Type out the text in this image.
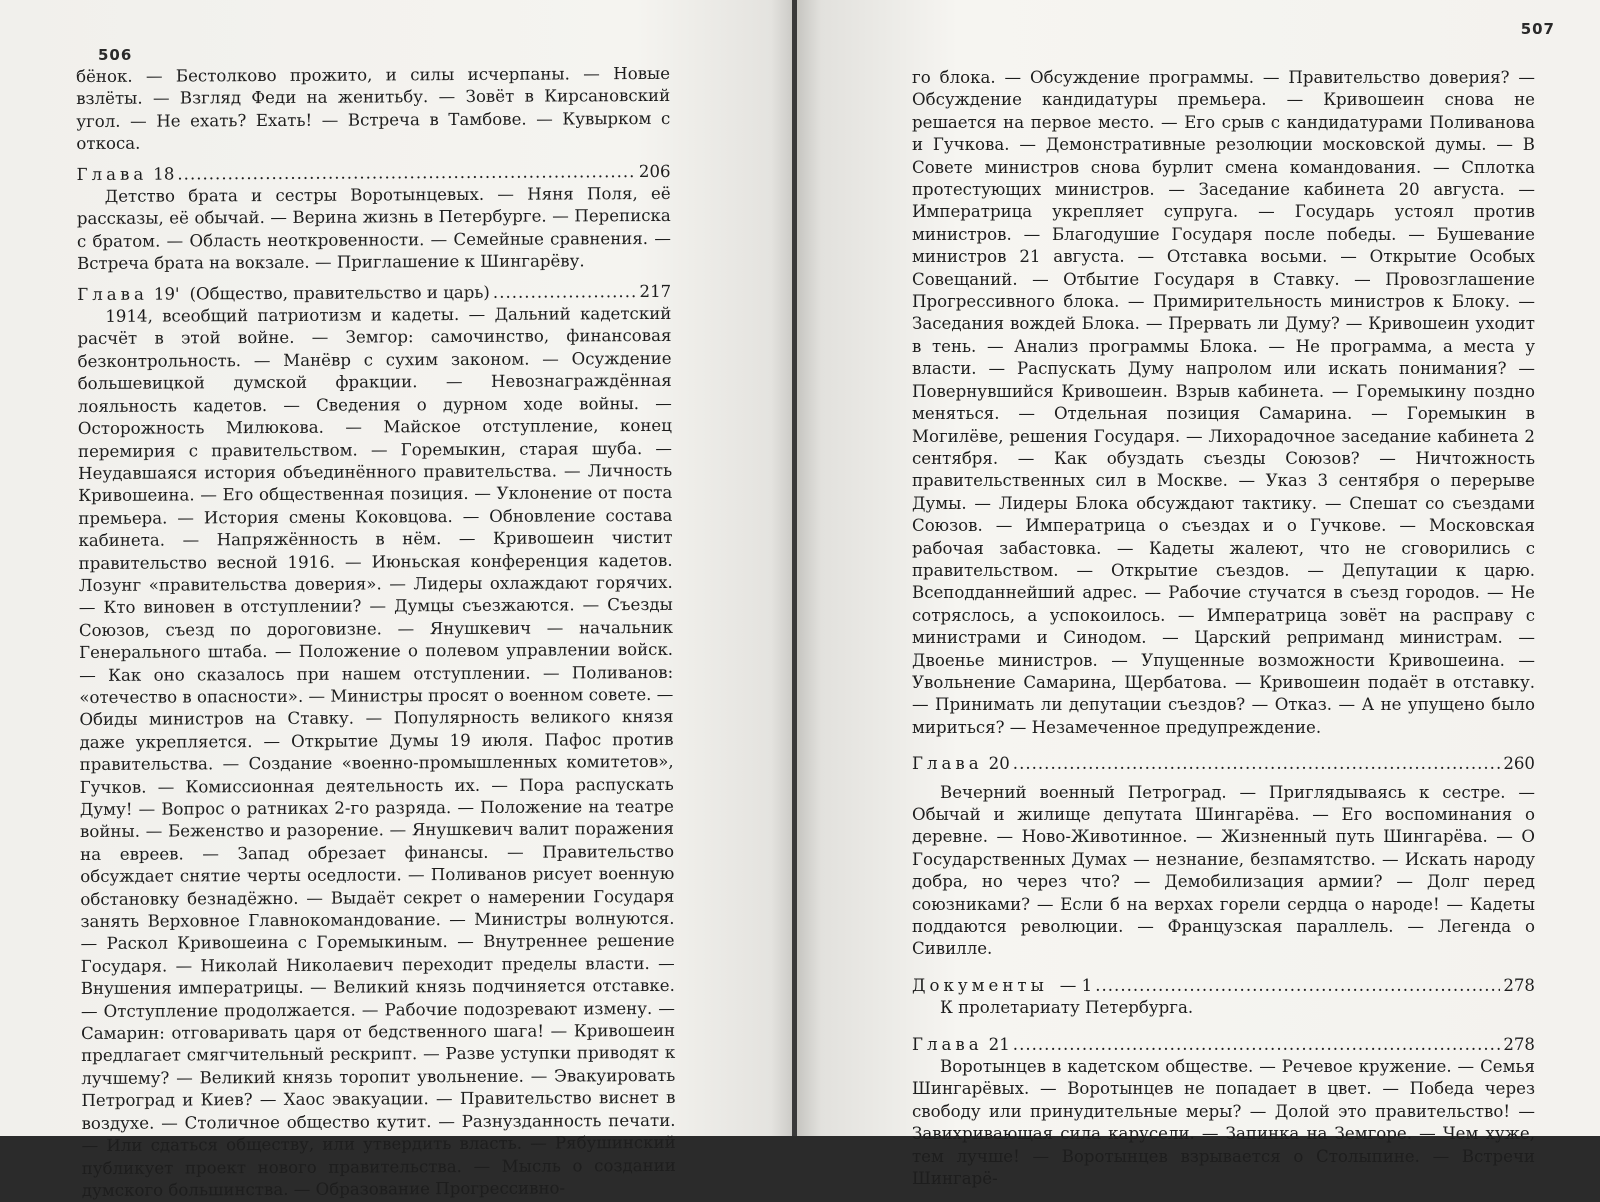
506

бёнок. — Бестолково прожито, и силы исчерпаны. — Новые взлёты. — Взгляд Феди на женитьбу. — Зовёт в Кирсановский угол. — Не ехать? Ехать! — Встреча в Тамбове. — Кувырком с откоса.

Глава 18 .....	206

Детство брата и сестры Воротынцевых. — Няня Поля, её рассказы, её обычай. — Верина жизнь в Петербурге. — Переписка с братом. — Область неоткровенности. — Семейные сравнения. — Встреча брата на вокзале. — Приглашение к Шингарёву.

Глава 19' (Общество, правительство и царь) .....	217

1914, всеобщий патриотизм и кадеты. — Дальний кадетский расчёт в этой войне. — Земгор: самочинство, финансовая безконтрольность. — Манёвр с сухим законом. — Осуждение большевицкой думской фракции. — Невознаграждённая лояльность кадетов. — Сведения о дурном ходе войны. — Осторожность Милюкова. — Майское отступление, конец перемирия с правительством. — Горемыкин, старая шуба. — Неудавшаяся история объединённого правительства. — Личность Кривошеина. — Его общественная позиция. — Уклонение от поста премьера. — История смены Коковцова. — Обновление состава кабинета. — Напряжённость в нём. — Кривошеин чистит правительство весной 1916. — Июньская конференция кадетов. Лозунг «правительства доверия». — Лидеры охлаждают горячих. — Кто виновен в отступлении? — Думцы съезжаются. — Съезды Союзов, съезд по дороговизне. — Янушкевич — начальник Генерального штаба. — Положение о полевом управлении войск. — Как оно сказалось при нашем отступлении. — Поливанов: «отечество в опасности». — Министры просят о военном совете. — Обиды министров на Ставку. — Популярность великого князя даже укрепляется. — Открытие Думы 19 июля. Пафос против правительства. — Создание «военно-промышленных комитетов», Гучков. — Комиссионная деятельность их. — Пора распускать Думу! — Вопрос о ратниках 2-го разряда. — Положение на театре войны. — Беженство и разорение. — Янушкевич валит поражения на евреев. — Запад обрезает финансы. — Правительство обсуждает снятие черты оседлости. — Поливанов рисует военную обстановку безнадёжно. — Выдаёт секрет о намерении Государя занять Верховное Главнокомандование. — Министры волнуются. — Раскол Кривошеина с Горемыкиным. — Внутреннее решение Государя. — Николай Николаевич переходит пределы власти. — Внушения императрицы. — Великий князь подчиняется отставке. — Отступление продолжается. — Рабочие подозревают измену. — Самарин: отговаривать царя от бедственного шага! — Кривошеин предлагает смягчительный рескрипт. — Разве уступки приводят к лучшему? — Великий князь торопит увольнение. — Эвакуировать Петроград и Киев? — Хаос эвакуации. — Правительство виснет в воздухе. — Столичное общество кутит. — Разнузданность печати. — Или сдаться обществу, или утвердить власть. — Рябушинский публикует проект нового правительства. — Мысль о создании думского большинства. — Образование Прогрессивно-

507

го блока. — Обсуждение программы. — Правительство доверия? — Обсуждение кандидатуры премьера. — Кривошеин снова не решается на первое место. — Его срыв с кандидатурами Поливанова и Гучкова. — Демонстративные резолюции московской думы. — В Совете министров снова бурлит смена командования. — Сплотка протестующих министров. — Заседание кабинета 20 августа. — Императрица укрепляет супруга. — Государь устоял против министров. — Благодушие Государя после победы. — Бушевание министров 21 августа. — Отставка восьми. — Открытие Особых Совещаний. — Отбытие Государя в Ставку. — Провозглашение Прогрессивного блока. — Примирительность министров к Блоку. — Заседания вождей Блока. — Прервать ли Думу? — Кривошеин уходит в тень. — Анализ программы Блока. — Не программа, а места у власти. — Распускать Думу напролом или искать понимания? — Повернувшийся Кривошеин. Взрыв кабинета. — Горемыкину поздно меняться. — Отдельная позиция Самарина. — Горемыкин в Могилёве, решения Государя. — Лихорадочное заседание кабинета 2 сентября. — Как обуздать съезды Союзов? — Ничтожность правительственных сил в Москве. — Указ 3 сентября о перерыве Думы. — Лидеры Блока обсуждают тактику. — Спешат со съездами Союзов. — Императрица о съездах и о Гучкове. — Московская рабочая забастовка. — Кадеты жалеют, что не сговорились с правительством. — Открытие съездов. — Депутации к царю. Всеподданнейший адрес. — Рабочие стучатся в съезд городов. — Не сотряслось, а успокоилось. — Императрица зовёт на расправу с министрами и Синодом. — Царский реприманд министрам. — Двоенье министров. — Упущенные возможности Кривошеина. — Увольнение Самарина, Щербатова. — Кривошеин подаёт в отставку. — Принимать ли депутации съездов? — Отказ. — А не упущено было мириться? — Незамеченное предупреждение.

Глава 20 .....	260

Вечерний военный Петроград. — Приглядываясь к сестре. — Обычай и жилище депутата Шингарёва. — Его воспоминания о деревне. — Ново-Животинное. — Жизненный путь Шингарёва. — О Государственных Думах — незнание, безпамятство. — Искать народу добра, но через что? — Демобилизация армии? — Долг перед союзниками? — Если б на верхах горели сердца о народе! — Кадеты поддаются революции. — Французская параллель. — Легенда о Сивилле.

Документы — 1 .....	278

К пролетариату Петербурга.

Глава 21 .....	278

Воротынцев в кадетском обществе. — Речевое кружение. — Семья Шингарёвых. — Воротынцев не попадает в цвет. — Победа через свободу или принудительные меры? — Долой это правительство! — Завихривающая сила карусели. — Запинка на Земгоре. — Чем хуже, тем лучше! — Воротынцев взрывается о Столыпине. — Встречи Шингарё-
